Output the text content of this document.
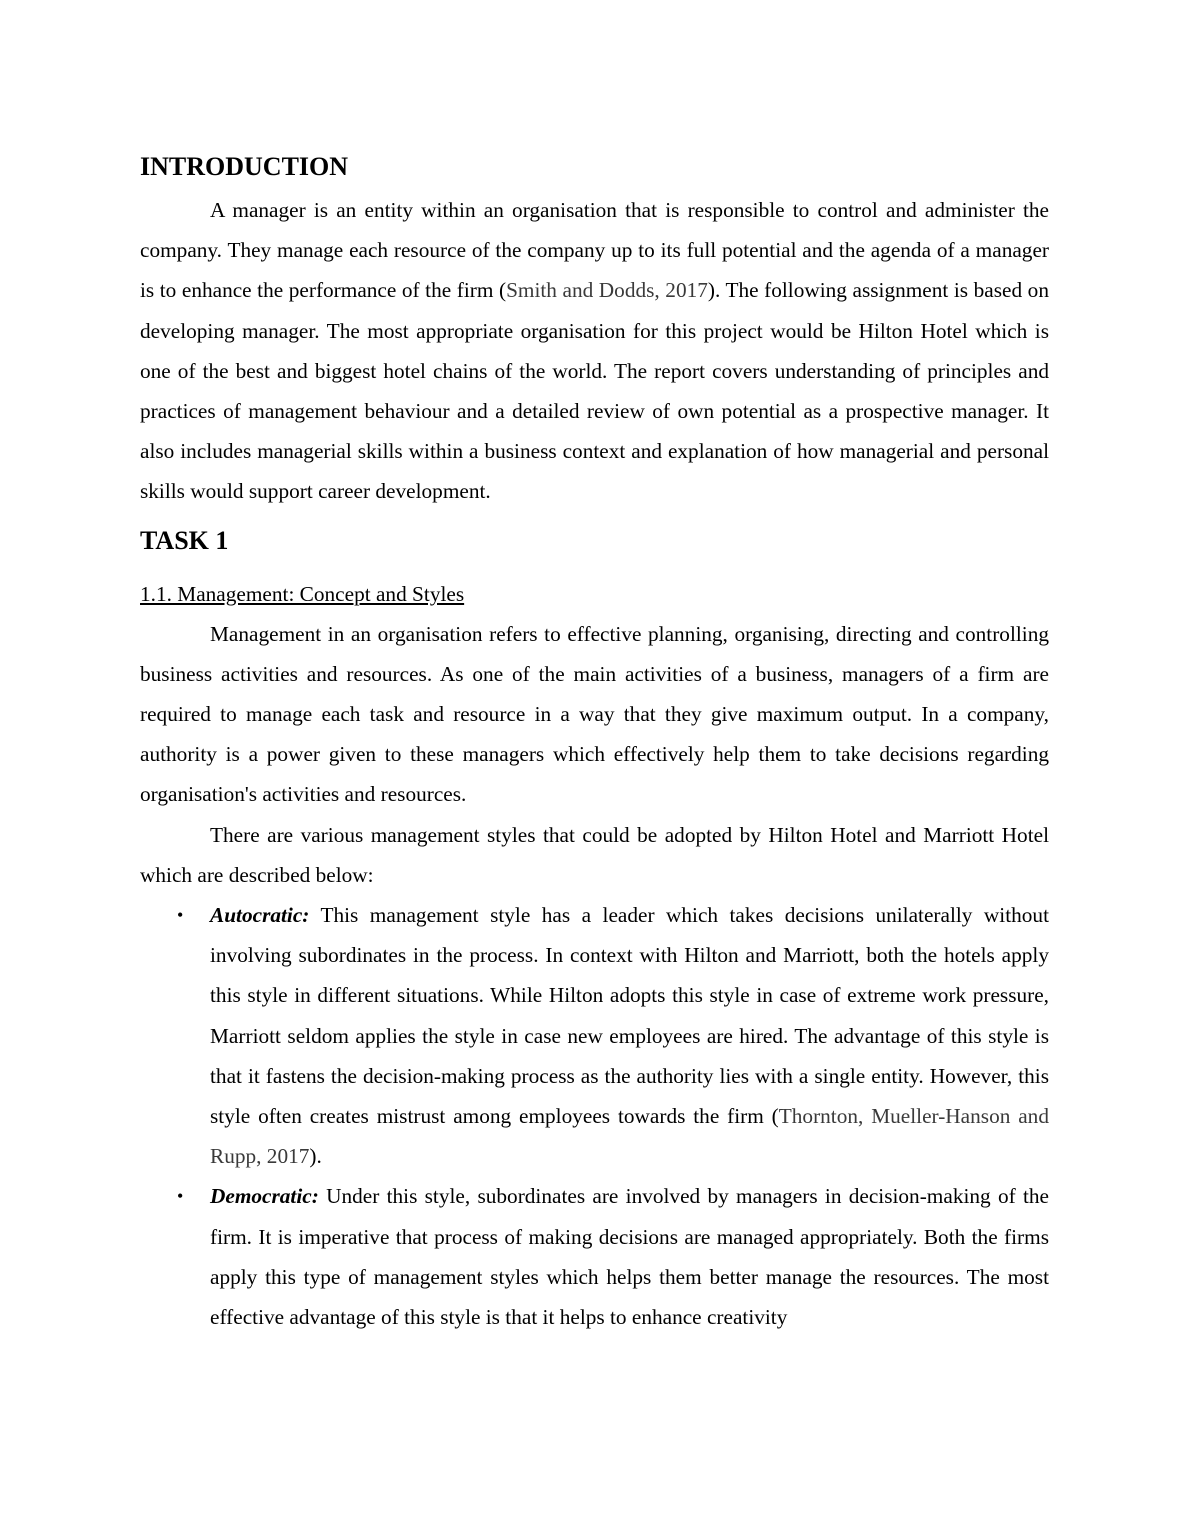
INTRODUCTION

A manager is an entity within an organisation that is responsible to control and administer the company. They manage each resource of the company up to its full potential and the agenda of a manager is to enhance the performance of the firm (Smith and Dodds, 2017). The following assignment is based on developing manager. The most appropriate organisation for this project would be Hilton Hotel which is one of the best and biggest hotel chains of the world. The report covers understanding of principles and practices of management behaviour and a detailed review of own potential as a prospective manager. It also includes managerial skills within a business context and explanation of how managerial and personal skills would support career development.

TASK 1
1.1. Management: Concept and Styles

Management in an organisation refers to effective planning, organising, directing and controlling business activities and resources. As one of the main activities of a business, managers of a firm are required to manage each task and resource in a way that they give maximum output. In a company, authority is a power given to these managers which effectively help them to take decisions regarding organisation's activities and resources.

There are various management styles that could be adopted by Hilton Hotel and Marriott Hotel which are described below:

• Autocratic: This management style has a leader which takes decisions unilaterally without involving subordinates in the process. In context with Hilton and Marriott, both the hotels apply this style in different situations. While Hilton adopts this style in case of extreme work pressure, Marriott seldom applies the style in case new employees are hired. The advantage of this style is that it fastens the decision-making process as the authority lies with a single entity. However, this style often creates mistrust among employees towards the firm (Thornton, Mueller-Hanson and Rupp, 2017).
• Democratic: Under this style, subordinates are involved by managers in decision-making of the firm. It is imperative that process of making decisions are managed appropriately. Both the firms apply this type of management styles which helps them better manage the resources. The most effective advantage of this style is that it helps to enhance creativity
